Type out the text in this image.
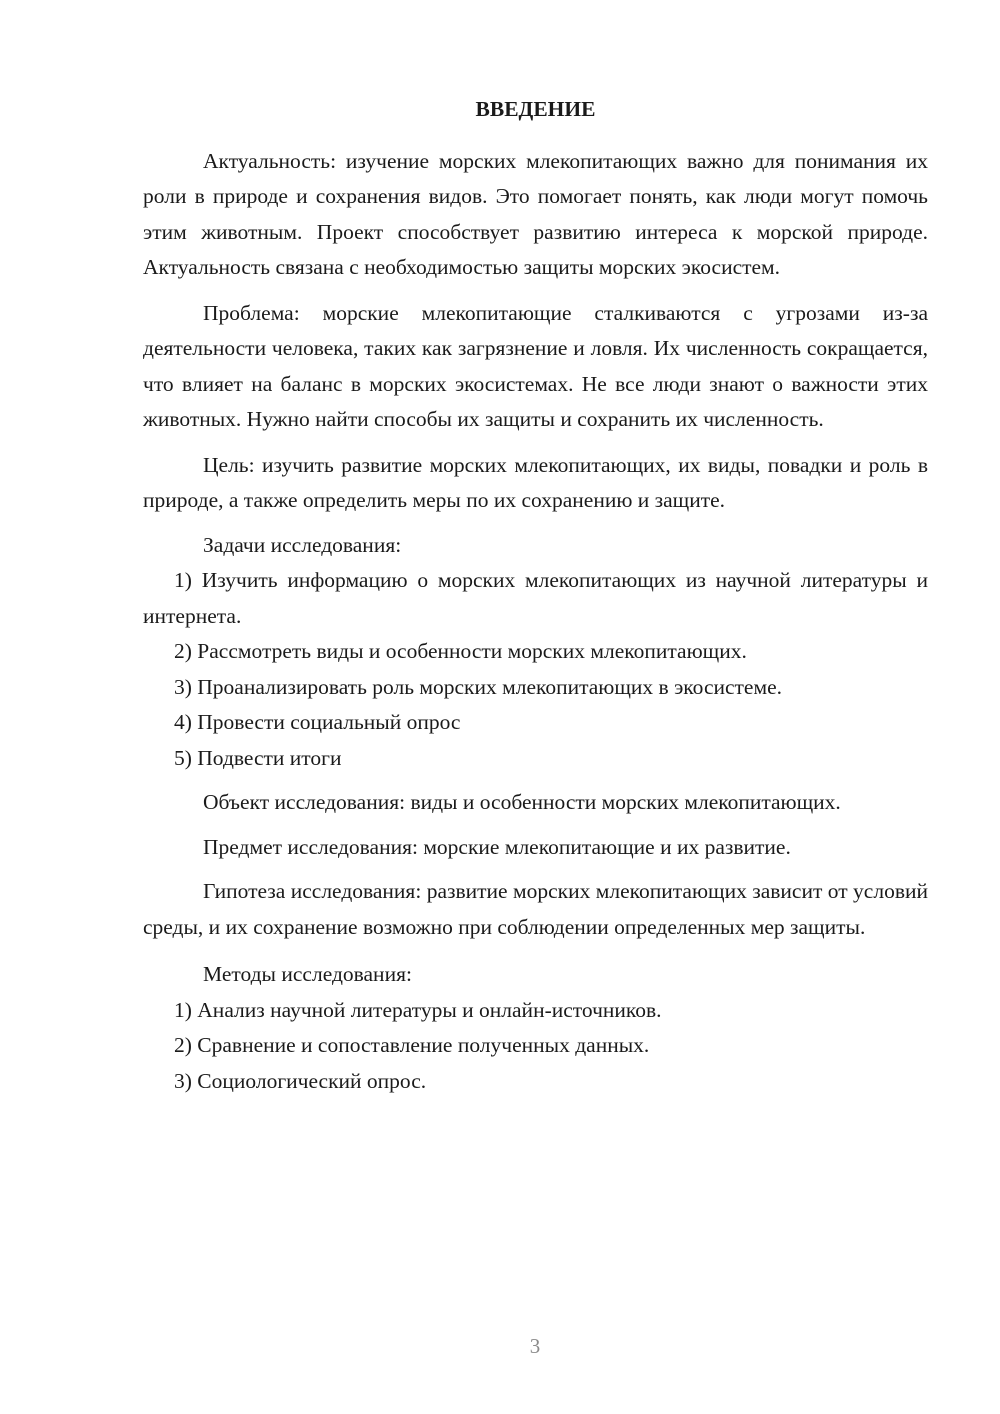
ВВЕДЕНИЕ

Актуальность: изучение морских млекопитающих важно для понимания их роли в природе и сохранения видов. Это помогает понять, как люди могут помочь этим животным. Проект способствует развитию интереса к морской природе. Актуальность связана с необходимостью защиты морских экосистем.

Проблема: морские млекопитающие сталкиваются с угрозами из-за деятельности человека, таких как загрязнение и ловля. Их численность сокращается, что влияет на баланс в морских экосистемах. Не все люди знают о важности этих животных. Нужно найти способы их защиты и сохранить их численность.

Цель: изучить развитие морских млекопитающих, их виды, повадки и роль в природе, а также определить меры по их сохранению и защите.

Задачи исследования:

1) Изучить информацию о морских млекопитающих из научной литературы и интернета.

2) Рассмотреть виды и особенности морских млекопитающих.

3) Проанализировать роль морских млекопитающих в экосистеме.

4) Провести социальный опрос

5) Подвести итоги

Объект исследования: виды и особенности морских млекопитающих.

Предмет исследования: морские млекопитающие и их развитие.

Гипотеза исследования: развитие морских млекопитающих зависит от условий среды, и их сохранение возможно при соблюдении определенных мер защиты.

Методы исследования:

1) Анализ научной литературы и онлайн-источников.

2) Сравнение и сопоставление полученных данных.

3) Социологический опрос.

3
